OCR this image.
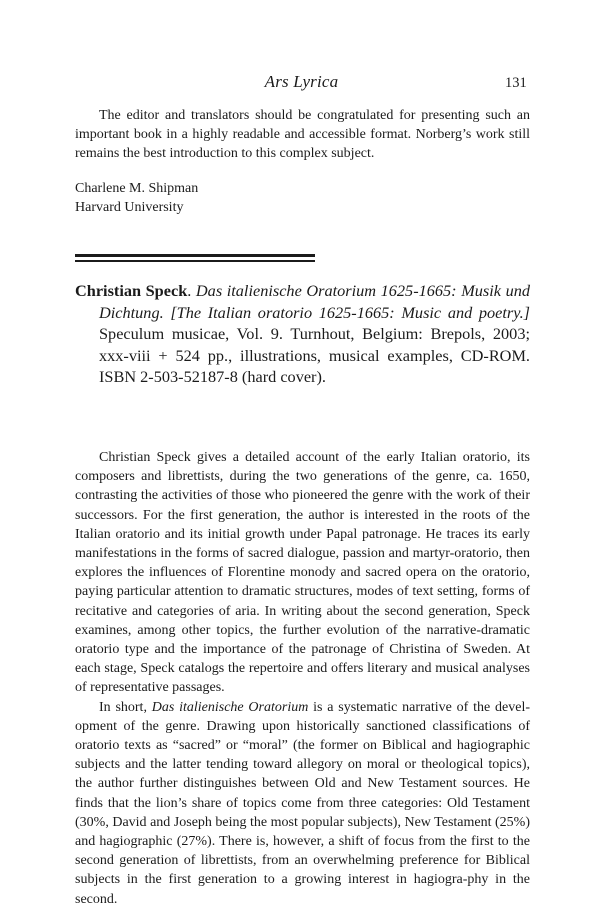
Ars Lyrica	131

The editor and translators should be congratulated for presenting such an important book in a highly readable and accessible format. Norberg’s work still remains the best introduction to this complex subject.

Charlene M. Shipman
Harvard University
Christian Speck. Das italienische Oratorium 1625-1665: Musik und Dichtung. [The Italian oratorio 1625-1665: Music and poetry.] Speculum musicae, Vol. 9. Turnhout, Belgium: Brepols, 2003; xxx-viii + 524 pp., illustrations, musical examples, CD-ROM. ISBN 2-503-52187-8 (hard cover).

Christian Speck gives a detailed account of the early Italian oratorio, its composers and librettists, during the two generations of the genre, ca. 1650, contrasting the activities of those who pioneered the genre with the work of their successors. For the first generation, the author is interested in the roots of the Italian oratorio and its initial growth under Papal patronage. He traces its early manifestations in the forms of sacred dialogue, passion and martyr-oratorio, then explores the influences of Florentine monody and sacred opera on the oratorio, paying particular attention to dramatic structures, modes of text setting, forms of recitative and categories of aria. In writing about the second generation, Speck examines, among other topics, the further evolution of the narrative-dramatic oratorio type and the importance of the patronage of Christina of Sweden. At each stage, Speck catalogs the repertoire and offers literary and musical analyses of representative passages.

In short, Das italienische Oratorium is a systematic narrative of the devel-opment of the genre. Drawing upon historically sanctioned classifications of oratorio texts as “sacred” or “moral” (the former on Biblical and hagiographic subjects and the latter tending toward allegory on moral or theological topics), the author further distinguishes between Old and New Testament sources. He finds that the lion’s share of topics come from three categories: Old Testament (30%, David and Joseph being the most popular subjects), New Testament (25%) and hagiographic (27%). There is, however, a shift of focus from the first to the second generation of librettists, from an overwhelming preference for Biblical subjects in the first generation to a growing interest in hagiogra-phy in the second.
